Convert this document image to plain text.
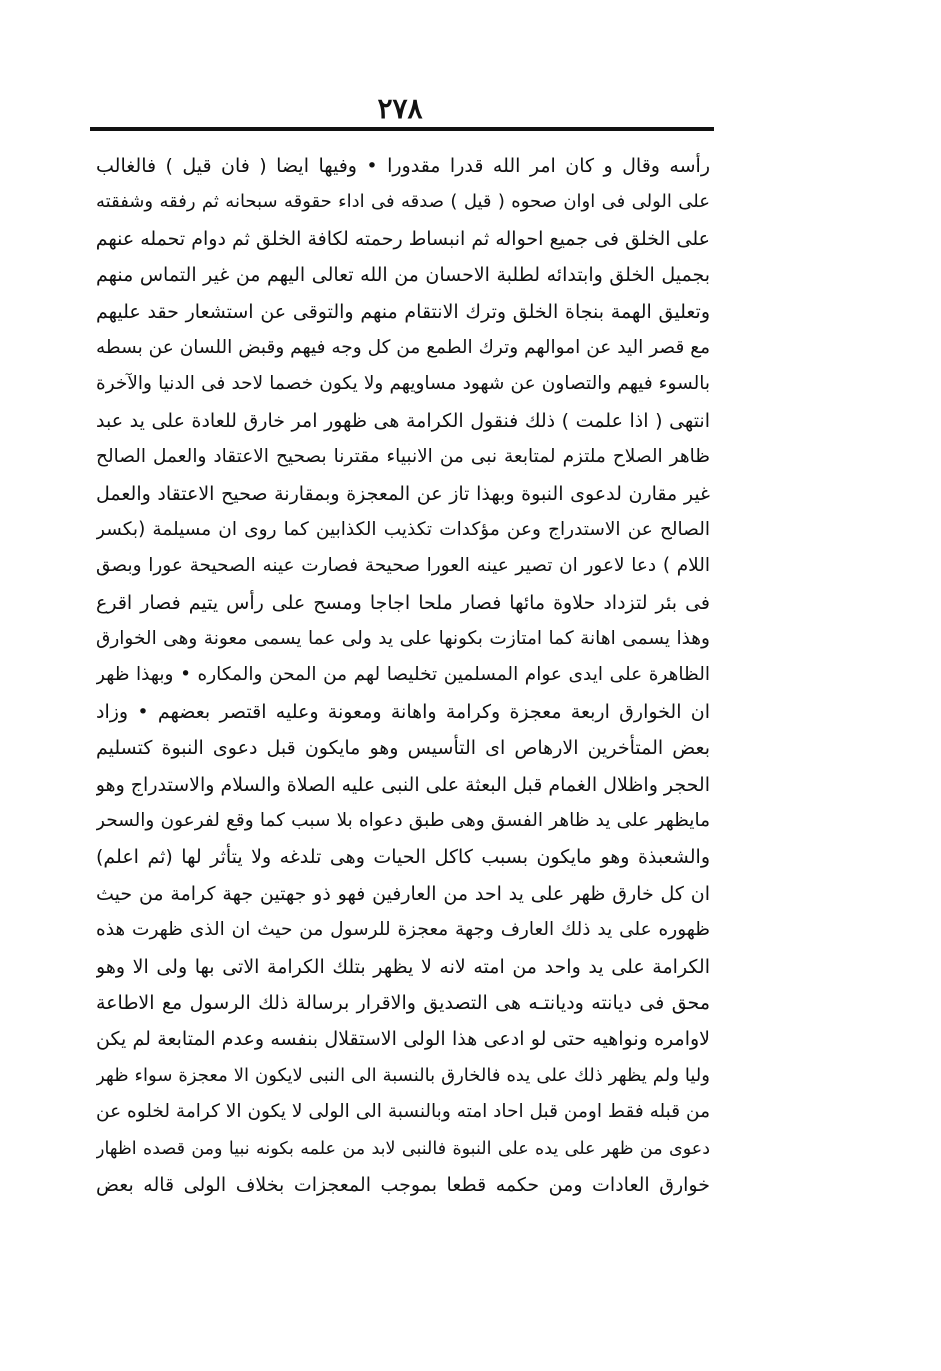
٢٧٨
رأسه وقال و كان امر الله قدرا مقدورا • وفيها ايضا ( فان قيل ) فالغالب
على الولى فى اوان صحوه ( قيل ) صدقه فى اداء حقوقه سبحانه ثم رفقه وشفقته
على الخلق فى جميع احواله ثم انبساط رحمته لكافة الخلق ثم دوام تحمله عنهم
بجميل الخلق وابتدائه لطلبة الاحسان من الله تعالى اليهم من غير التماس منهم
وتعليق الهمة بنجاة الخلق وترك الانتقام منهم والتوقى عن استشعار حقد عليهم
مع قصر اليد عن اموالهم وترك الطمع من كل وجه فيهم وقبض اللسان عن بسطه
بالسوء فيهم والتصاون عن شهود مساويهم ولا يكون خصما لاحد فى الدنيا والآخرة
انتهى ( اذا علمت ) ذلك فنقول الكرامة هى ظهور امر خارق للعادة على يد عبد
ظاهر الصلاح ملتزم لمتابعة نبى من الانبياء مقترنا بصحيح الاعتقاد والعمل الصالح
غير مقارن لدعوى النبوة وبهذا تاز عن المعجزة وبمقارنة صحيح الاعتقاد والعمل
الصالح عن الاستدراج وعن مؤكدات تكذيب الكذابين كما روى ان مسيلمة (بكسر
اللام ) دعا لاعور ان تصير عينه العورا صحيحة فصارت عينه الصحيحة عورا وبصق
فى بئر لتزداد حلاوة مائها فصار ملحا اجاجا ومسح على رأس يتيم فصار اقرع
وهذا يسمى اهانة كما امتازت بكونها على يد ولى عما يسمى معونة وهى الخوارق
الظاهرة على ايدى عوام المسلمين تخليصا لهم من المحن والمكاره • وبهذا ظهر
ان الخوارق اربعة معجزة وكرامة واهانة ومعونة وعليه اقتصر بعضهم • وزاد
بعض المتأخرين الارهاص اى التأسيس وهو مايكون قبل دعوى النبوة كتسليم
الحجر واظلال الغمام قبل البعثة على النبى عليه الصلاة والسلام والاستدراج وهو
مايظهر على يد ظاهر الفسق وهى طبق دعواه بلا سبب كما وقع لفرعون والسحر
والشعبذة وهو مايكون بسبب كاكل الحيات وهى تلدغه ولا يتأثر لها (ثم اعلم)
ان كل خارق ظهر على يد احد من العارفين فهو ذو جهتين جهة كرامة من حيث
ظهوره على يد ذلك العارف وجهة معجزة للرسول من حيث ان الذى ظهرت هذه
الكرامة على يد واحد من امته لانه لا يظهر بتلك الكرامة الاتى بها ولى الا وهو
محق فى ديانته وديانتـه هى التصديق والاقرار برسالة ذلك الرسول مع الاطاعة
لاوامره ونواهيه حتى لو ادعى هذا الولى الاستقلال بنفسه وعدم المتابعة لم يكن
وليا ولم يظهر ذلك على يده فالخارق بالنسبة الى النبى لايكون الا معجزة سواء ظهر
من قبله فقط اومن قبل احاد امته وبالنسبة الى الولى لا يكون الا كرامة لخلوه عن
دعوى من ظهر على يده على النبوة فالنبى لابد من علمه بكونه نبيا ومن قصده اظهار
خوارق العادات ومن حكمه قطعا بموجب المعجزات بخلاف الولى قاله بعض
